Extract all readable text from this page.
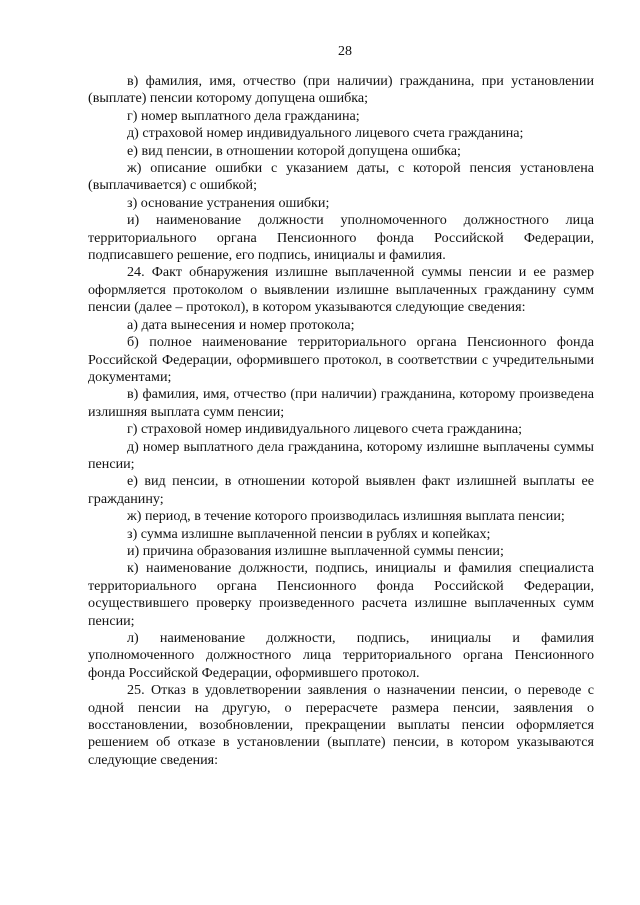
28

в) фамилия, имя, отчество (при наличии) гражданина, при установлении (выплате) пенсии которому допущена ошибка;

г) номер выплатного дела гражданина;

д) страховой номер индивидуального лицевого счета гражданина;

е) вид пенсии, в отношении которой допущена ошибка;

ж) описание ошибки с указанием даты, с которой пенсия установлена (выплачивается) с ошибкой;

з) основание устранения ошибки;

и) наименование должности уполномоченного должностного лица территориального органа Пенсионного фонда Российской Федерации, подписавшего решение, его подпись, инициалы и фамилия.

24. Факт обнаружения излишне выплаченной суммы пенсии и ее размер оформляется протоколом о выявлении излишне выплаченных гражданину сумм пенсии (далее – протокол), в котором указываются следующие сведения:

а) дата вынесения и номер протокола;

б) полное наименование территориального органа Пенсионного фонда Российской Федерации, оформившего протокол, в соответствии с учредительными документами;

в) фамилия, имя, отчество (при наличии) гражданина, которому произведена излишняя выплата сумм пенсии;

г) страховой номер индивидуального лицевого счета гражданина;

д) номер выплатного дела гражданина, которому излишне выплачены суммы пенсии;

е) вид пенсии, в отношении которой выявлен факт излишней выплаты ее гражданину;

ж) период, в течение которого производилась излишняя выплата пенсии;

з) сумма излишне выплаченной пенсии в рублях и копейках;

и) причина образования излишне выплаченной суммы пенсии;

к) наименование должности, подпись, инициалы и фамилия специалиста территориального органа Пенсионного фонда Российской Федерации, осуществившего проверку произведенного расчета излишне выплаченных сумм пенсии;

л) наименование должности, подпись, инициалы и фамилия уполномоченного должностного лица территориального органа Пенсионного фонда Российской Федерации, оформившего протокол.

25. Отказ в удовлетворении заявления о назначении пенсии, о переводе с одной пенсии на другую, о перерасчете размера пенсии, заявления о восстановлении, возобновлении, прекращении выплаты пенсии оформляется решением об отказе в установлении (выплате) пенсии, в котором указываются следующие сведения:
